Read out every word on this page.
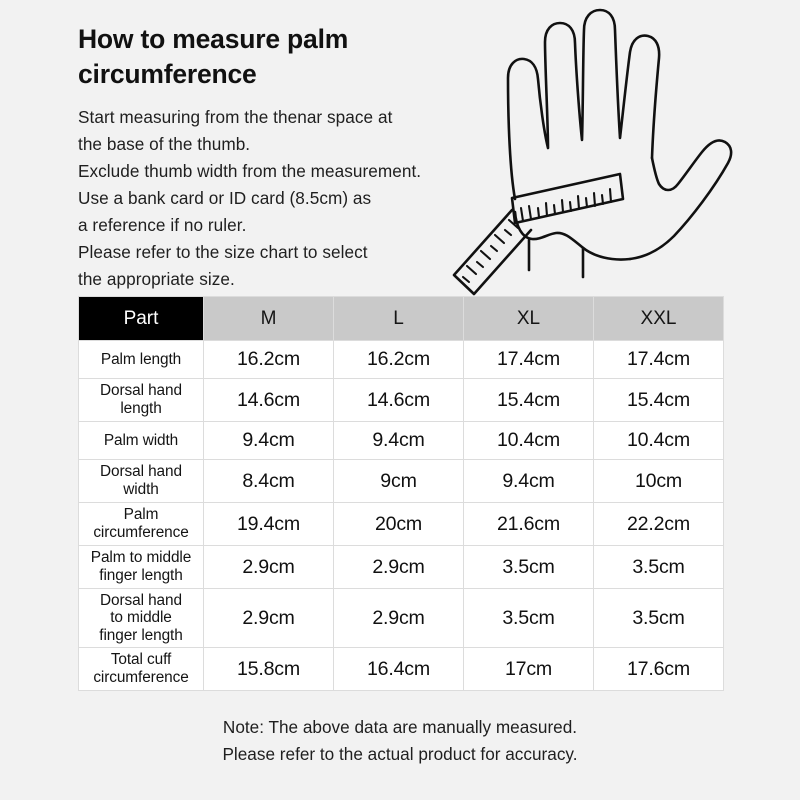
How to measure palm
circumference
Start measuring from the thenar space at
the base of the thumb.
Exclude thumb width from the measurement.
Use a bank card or ID card (8.5cm) as
a reference if no ruler.
Please refer to the size chart to select
the appropriate size.
Part	M	L	XL	XXL
Palm length	16.2cm	16.2cm	17.4cm	17.4cm
Dorsal hand
length	14.6cm	14.6cm	15.4cm	15.4cm
Palm width	9.4cm	9.4cm	10.4cm	10.4cm
Dorsal hand
width	8.4cm	9cm	9.4cm	10cm
Palm
circumference	19.4cm	20cm	21.6cm	22.2cm
Palm to middle
finger length	2.9cm	2.9cm	3.5cm	3.5cm
Dorsal hand
to middle
finger length	2.9cm	2.9cm	3.5cm	3.5cm
Total cuff
circumference	15.8cm	16.4cm	17cm	17.6cm
Note: The above data are manually measured.
Please refer to the actual product for accuracy.
